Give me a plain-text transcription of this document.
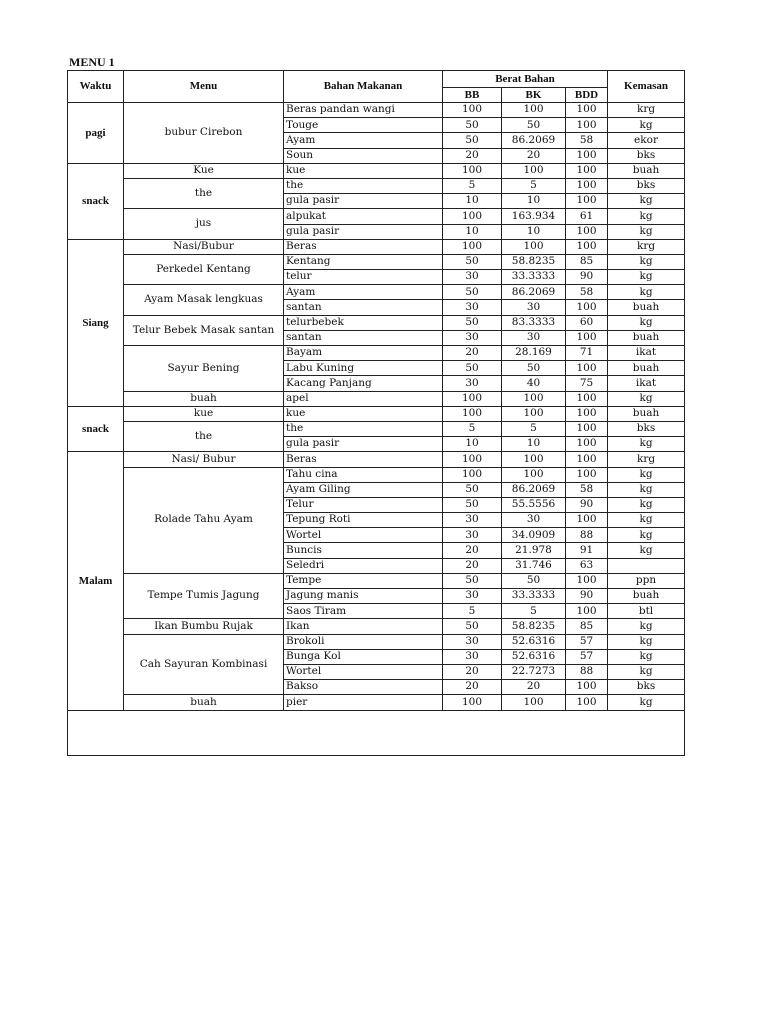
MENU 1
Waktu	Menu	Bahan Makanan	Berat Bahan			Kemasan
			BB	BK	BDD	
pagi	bubur Cirebon	Beras pandan wangi	100	100	100	krg
		Touge	50	50	100	kg
		Ayam	50	86.2069	58	ekor
		Soun	20	20	100	bks
snack	Kue	kue	100	100	100	buah
	the	the	5	5	100	bks
		gula pasir	10	10	100	kg
	jus	alpukat	100	163.934	61	kg
		gula pasir	10	10	100	kg
Siang	Nasi/Bubur	Beras	100	100	100	krg
	Perkedel Kentang	Kentang	50	58.8235	85	kg
		telur	30	33.3333	90	kg
	Ayam Masak lengkuas	Ayam	50	86.2069	58	kg
		santan	30	30	100	buah
	Telur Bebek Masak santan	telurbebek	50	83.3333	60	kg
		santan	30	30	100	buah
	Sayur Bening	Bayam	20	28.169	71	ikat
		Labu Kuning	50	50	100	buah
		Kacang Panjang	30	40	75	ikat
	buah	apel	100	100	100	kg
snack	kue	kue	100	100	100	buah
	the	the	5	5	100	bks
		gula pasir	10	10	100	kg
Malam	Nasi/ Bubur	Beras	100	100	100	krg
	Rolade Tahu Ayam	Tahu cina	100	100	100	kg
		Ayam Giling	50	86.2069	58	kg
		Telur	50	55.5556	90	kg
		Tepung Roti	30	30	100	kg
		Wortel	30	34.0909	88	kg
		Buncis	20	21.978	91	kg
		Seledri	20	31.746	63	
	Tempe Tumis Jagung	Tempe	50	50	100	ppn
		Jagung manis	30	33.3333	90	buah
		Saos Tiram	5	5	100	btl
	Ikan Bumbu Rujak	Ikan	50	58.8235	85	kg
	Cah Sayuran Kombinasi	Brokoli	30	52.6316	57	kg
		Bunga Kol	30	52.6316	57	kg
		Wortel	20	22.7273	88	kg
		Bakso	20	20	100	bks
	buah	pier	100	100	100	kg
